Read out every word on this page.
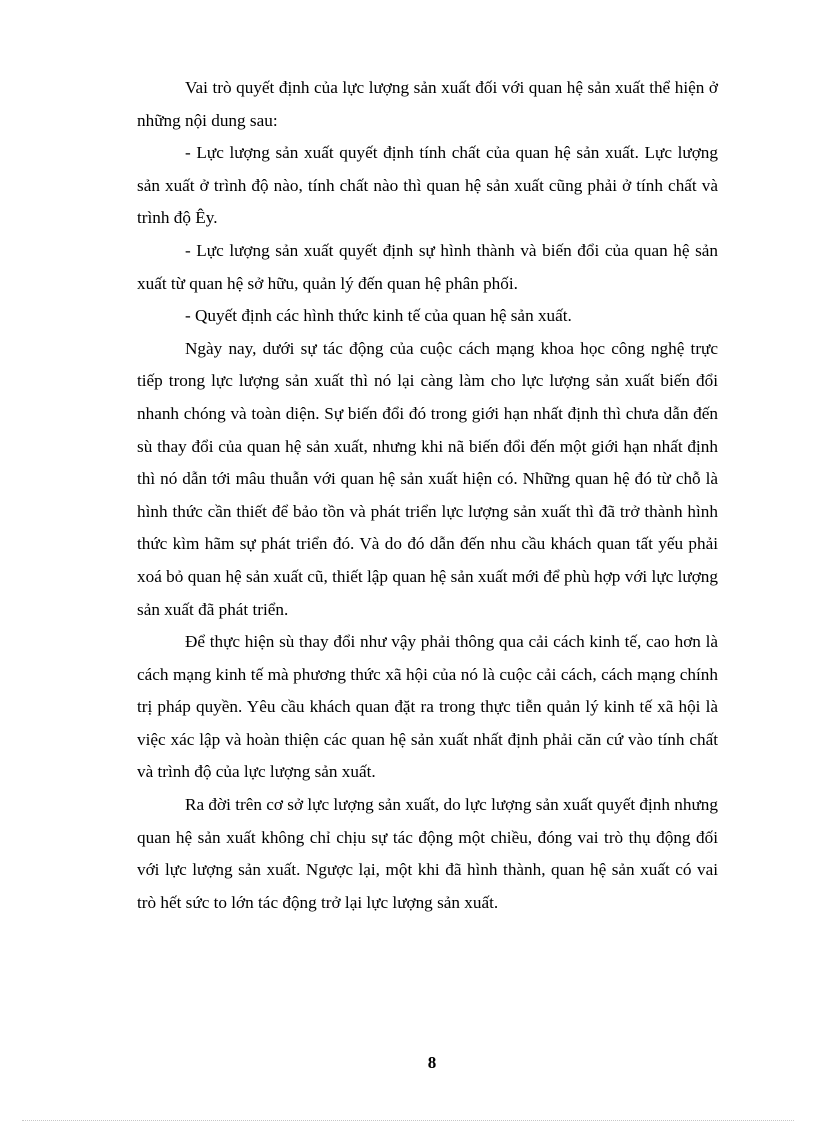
Vai trò quyết định của lực lượng sản xuất đối với quan hệ sản xuất thể hiện ở những nội dung sau:

- Lực lượng sản xuất quyết định tính chất của quan hệ sản xuất. Lực lượng sản xuất ở trình độ nào, tính chất nào thì quan hệ sản xuất cũng phải ở tính chất và trình độ Êy.

- Lực lượng sản xuất quyết định sự hình thành và biến đổi của quan hệ sản xuất từ quan hệ sở hữu, quản lý đến quan hệ phân phối.

- Quyết định các hình thức kinh tế của quan hệ sản xuất.

Ngày nay, dưới sự tác động của cuộc cách mạng khoa học công nghệ trực tiếp trong lực lượng sản xuất thì nó lại càng làm cho lực lượng sản xuất biến đổi nhanh chóng và toàn diện. Sự biến đổi đó trong giới hạn nhất định thì chưa dẫn đến sù thay đổi của quan hệ sản xuất, nhưng khi nã biến đổi đến một giới hạn nhất định thì nó dẫn tới mâu thuẫn với quan hệ sản xuất hiện có. Những quan hệ đó từ chỗ là hình thức cần thiết để bảo tồn và phát triển lực lượng sản xuất thì đã trở thành hình thức kìm hãm sự phát triển đó. Và do đó dẫn đến nhu cầu khách quan tất yếu phải xoá bỏ quan hệ sản xuất cũ, thiết lập quan hệ sản xuất mới để phù hợp với lực lượng sản xuất đã phát triển.

Để thực hiện sù thay đổi như vậy phải thông qua cải cách kinh tế, cao hơn là cách mạng kinh tế mà phương thức xã hội của nó là cuộc cải cách, cách mạng chính trị pháp quyền. Yêu cầu khách quan đặt ra trong thực tiễn quản lý kinh tế xã hội là việc xác lập và hoàn thiện các quan hệ sản xuất nhất định phải căn cứ vào tính chất và trình độ của lực lượng sản xuất.

Ra đời trên cơ sở lực lượng sản xuất, do lực lượng sản xuất quyết định nhưng quan hệ sản xuất không chỉ chịu sự tác động một chiều, đóng vai trò thụ động đối với lực lượng sản xuất. Ngược lại, một khi đã hình thành, quan hệ sản xuất có vai trò hết sức to lớn tác động trở lại lực lượng sản xuất.

8
